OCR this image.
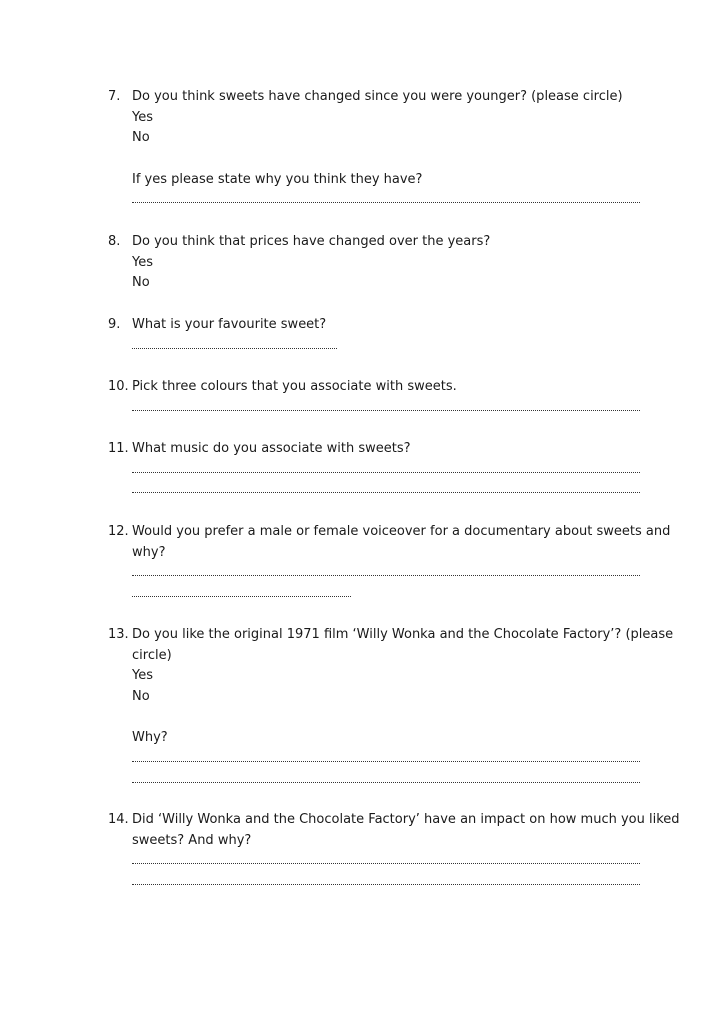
7. Do you think sweets have changed since you were younger? (please circle)
Yes
No
If yes please state why you think they have?
8. Do you think that prices have changed over the years?
Yes
No
9. What is your favourite sweet?
10. Pick three colours that you associate with sweets.
11. What music do you associate with sweets?
12. Would you prefer a male or female voiceover for a documentary about sweets and
why?
13. Do you like the original 1971 film ‘Willy Wonka and the Chocolate Factory’? (please
circle)
Yes
No
Why?
14. Did ‘Willy Wonka and the Chocolate Factory’ have an impact on how much you liked
sweets? And why?
